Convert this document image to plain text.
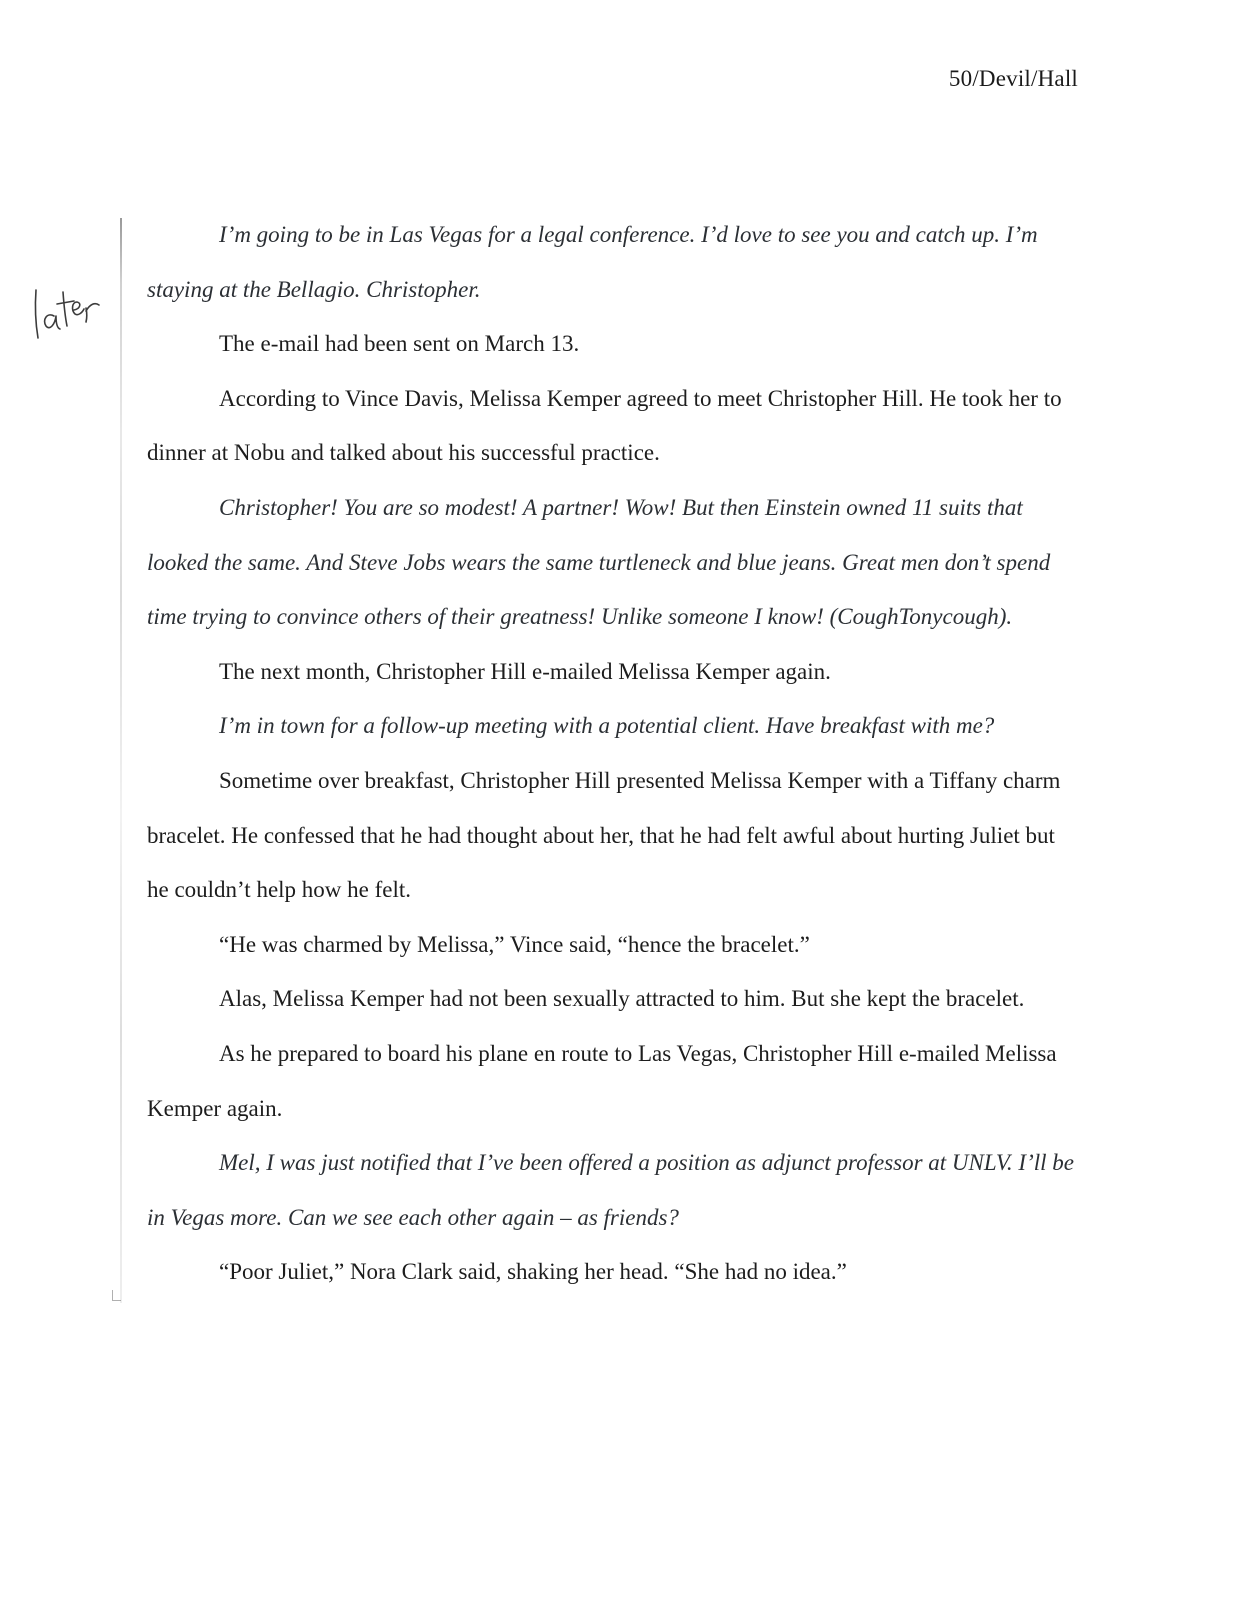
50/Devil/Hall

I’m going to be in Las Vegas for a legal conference. I’d love to see you and catch up. I’m staying at the Bellagio. Christopher.

The e-mail had been sent on March 13.

According to Vince Davis, Melissa Kemper agreed to meet Christopher Hill. He took her to dinner at Nobu and talked about his successful practice.

Christopher! You are so modest! A partner! Wow! But then Einstein owned 11 suits that looked the same. And Steve Jobs wears the same turtleneck and blue jeans. Great men don’t spend time trying to convince others of their greatness! Unlike someone I know! (CoughTonycough).

The next month, Christopher Hill e-mailed Melissa Kemper again.

I’m in town for a follow-up meeting with a potential client. Have breakfast with me?

Sometime over breakfast, Christopher Hill presented Melissa Kemper with a Tiffany charm bracelet. He confessed that he had thought about her, that he had felt awful about hurting Juliet but he couldn’t help how he felt.

“He was charmed by Melissa,” Vince said, “hence the bracelet.”

Alas, Melissa Kemper had not been sexually attracted to him. But she kept the bracelet.

As he prepared to board his plane en route to Las Vegas, Christopher Hill e-mailed Melissa Kemper again.

Mel, I was just notified that I’ve been offered a position as adjunct professor at UNLV. I’ll be in Vegas more. Can we see each other again – as friends?

“Poor Juliet,” Nora Clark said, shaking her head. “She had no idea.”
